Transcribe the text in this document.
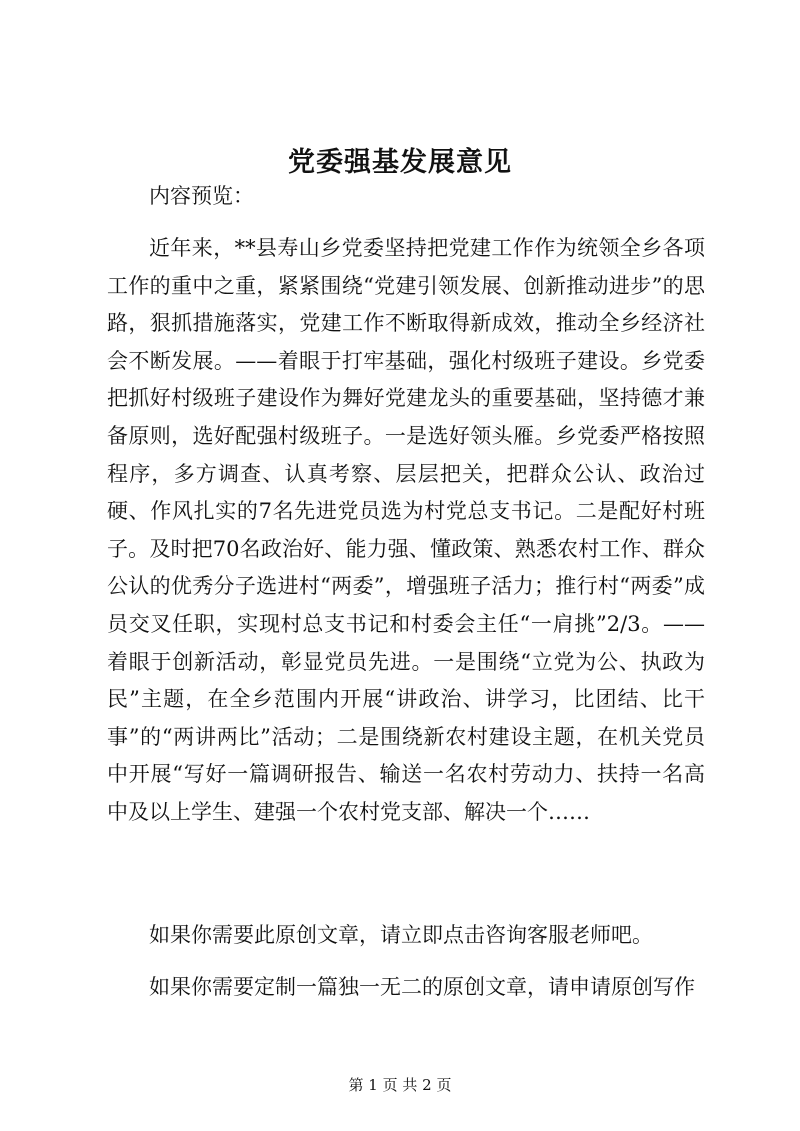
党委强基发展意见

内容预览：

近年来，**县寿山乡党委坚持把党建工作作为统领全乡各项工作的重中之重，紧紧围绕“党建引领发展、创新推动进步”的思路，狠抓措施落实，党建工作不断取得新成效，推动全乡经济社会不断发展。——着眼于打牢基础，强化村级班子建设。乡党委把抓好村级班子建设作为舞好党建龙头的重要基础，坚持德才兼备原则，选好配强村级班子。一是选好领头雁。乡党委严格按照程序，多方调查、认真考察、层层把关，把群众公认、政治过硬、作风扎实的7名先进党员选为村党总支书记。二是配好村班子。及时把70名政治好、能力强、懂政策、熟悉农村工作、群众公认的优秀分子选进村“两委”，增强班子活力；推行村“两委”成员交叉任职，实现村总支书记和村委会主任“一肩挑”2/3。——着眼于创新活动，彰显党员先进。一是围绕“立党为公、执政为民”主题，在全乡范围内开展“讲政治、讲学习，比团结、比干事”的“两讲两比”活动；二是围绕新农村建设主题，在机关党员中开展“写好一篇调研报告、输送一名农村劳动力、扶持一名高中及以上学生、建强一个农村党支部、解决一个……

如果你需要此原创文章，请立即点击咨询客服老师吧。

如果你需要定制一篇独一无二的原创文章，请申请原创写作

第 1 页 共 2 页
